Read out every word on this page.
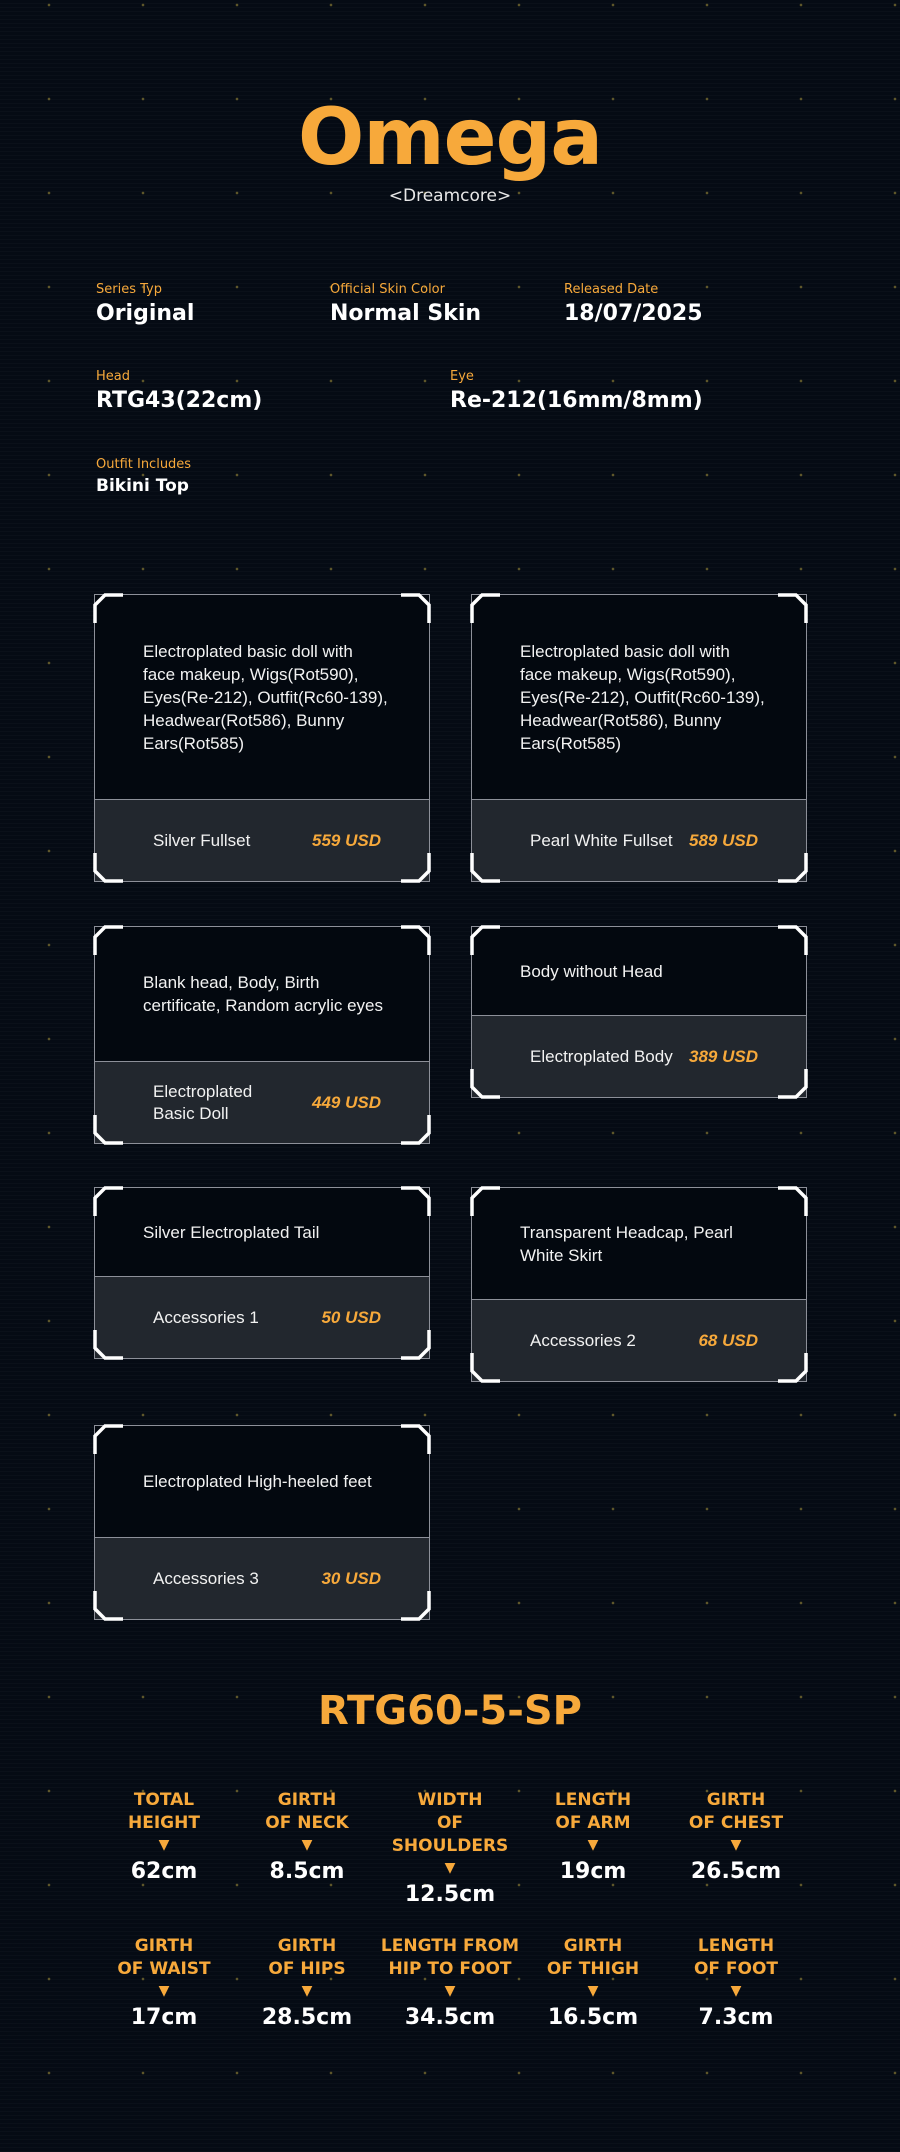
Omega
<Dreamcore>
Series Typ
Original
Official Skin Color
Normal Skin
Released Date
18/07/2025
Head
RTG43(22cm)
Eye
Re-212(16mm/8mm)
Outfit Includes
Bikini Top
Electroplated basic doll with face makeup, Wigs(Rot590), Eyes(Re-212), Outfit(Rc60-139), Headwear(Rot586), Bunny Ears(Rot585)
Silver Fullset	559 USD
Electroplated basic doll with face makeup, Wigs(Rot590), Eyes(Re-212), Outfit(Rc60-139), Headwear(Rot586), Bunny Ears(Rot585)
Pearl White Fullset 589 USD
Blank head, Body, Birth certificate, Random acrylic eyes
Electroplated Basic Doll
449 USD
Body without Head
Electroplated Body 389 USD
Silver Electroplated Tail
Accessories 1	50 USD
Transparent Headcap, Pearl White Skirt
Accessories 2	68 USD
Electroplated High-heeled feet
Accessories 3	30 USD
RTG60-5-SP
TOTAL
HEIGHT
▼
62cm
GIRTH
OF NECK
▼
8.5cm
WIDTH
OF SHOULDERS
▼
12.5cm
LENGTH
OF ARM
▼
19cm
GIRTH
OF CHEST
▼
26.5cm
GIRTH
OF WAIST
▼
17cm
GIRTH
OF HIPS
▼
28.5cm
LENGTH FROM
HIP TO FOOT
▼
34.5cm
GIRTH
OF THIGH
▼
16.5cm
LENGTH
OF FOOT
▼
7.3cm
